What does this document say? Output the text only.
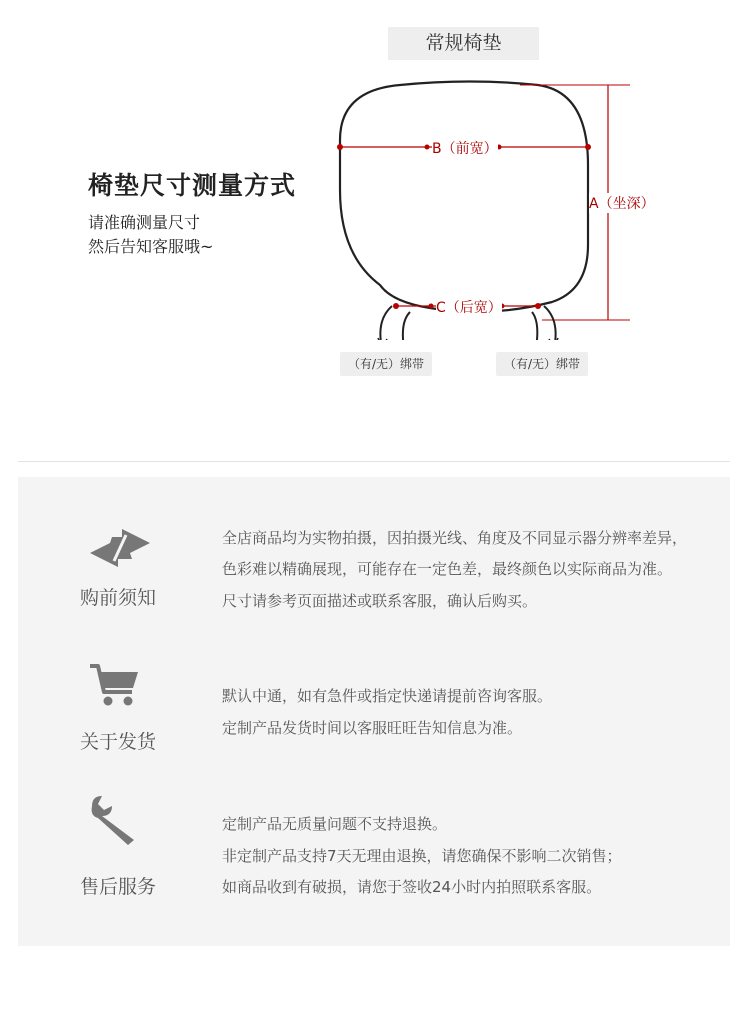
常规椅垫
椅垫尺寸测量方式
请准确测量尺寸
然后告知客服哦~
B（前宽）
A（坐深）
C（后宽）
（有/无）绑带	（有/无）绑带
购前须知
全店商品均为实物拍摄，因拍摄光线、角度及不同显示器分辨率差异，
色彩难以精确展现，可能存在一定色差，最终颜色以实际商品为准。
尺寸请参考页面描述或联系客服，确认后购买。
关于发货
默认中通，如有急件或指定快递请提前咨询客服。
定制产品发货时间以客服旺旺告知信息为准。
售后服务
定制产品无质量问题不支持退换。
非定制产品支持7天无理由退换，请您确保不影响二次销售；
如商品收到有破损，请您于签收24小时内拍照联系客服。
